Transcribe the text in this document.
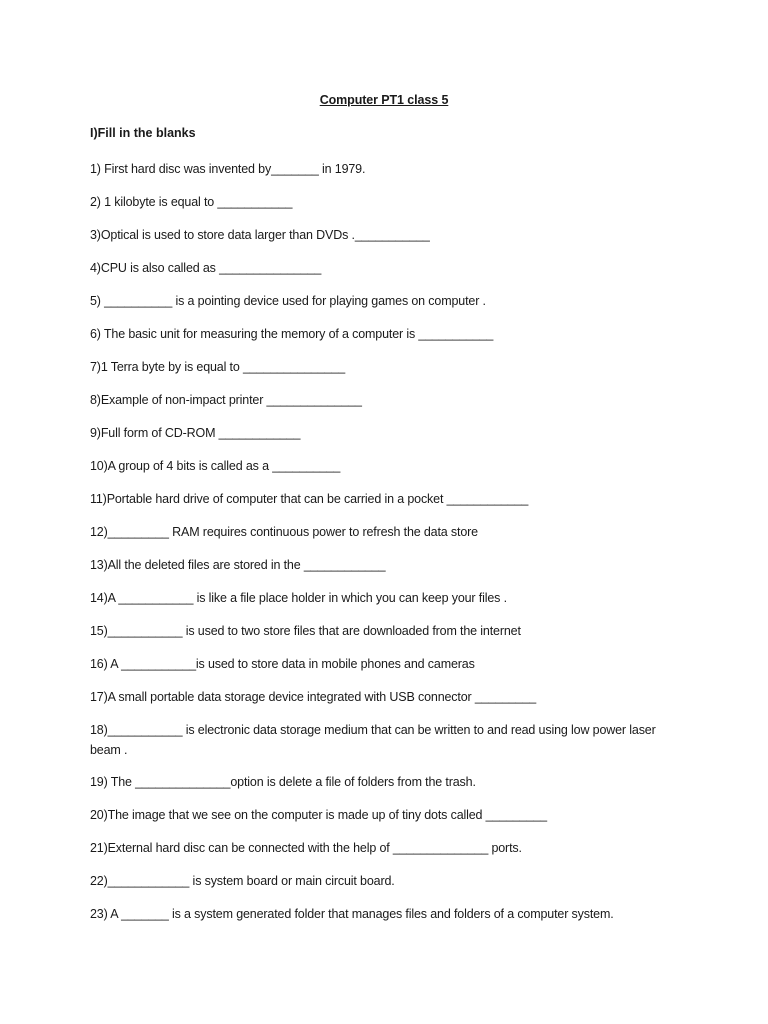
Computer PT1 class 5
I)Fill in the blanks
1) First hard disc was invented by_______ in 1979.
2) 1 kilobyte is equal to ___________
3)Optical is used to store data larger than DVDs .___________
4)CPU is also called as _______________
5) __________ is a pointing device used for playing games on computer .
6) The basic unit for measuring the memory of a computer is ___________
7)1 Terra byte by is equal to _______________
8)Example of non-impact printer ______________
9)Full form of CD-ROM ____________
10)A group of 4 bits is called as a __________
11)Portable hard drive of computer that can be carried in a pocket ____________
12)_________ RAM requires continuous power to refresh the data store
13)All the deleted files are stored in the ____________
14)A ___________ is like a file place holder in which you can keep your files .
15)___________ is used to two store files that are downloaded from the internet
16) A ___________is used to store data in mobile phones and cameras
17)A small portable data storage device integrated with USB connector _________
18)___________ is electronic data storage medium that can be written to and read using low power laser beam .
19) The ______________option is delete a file of folders from the trash.
20)The image that we see on the computer is made up of tiny dots called _________
21)External hard disc can be connected with the help of ______________ ports.
22)____________ is system board or main circuit board.
23) A _______ is a system generated folder that manages files and folders of a computer system.
